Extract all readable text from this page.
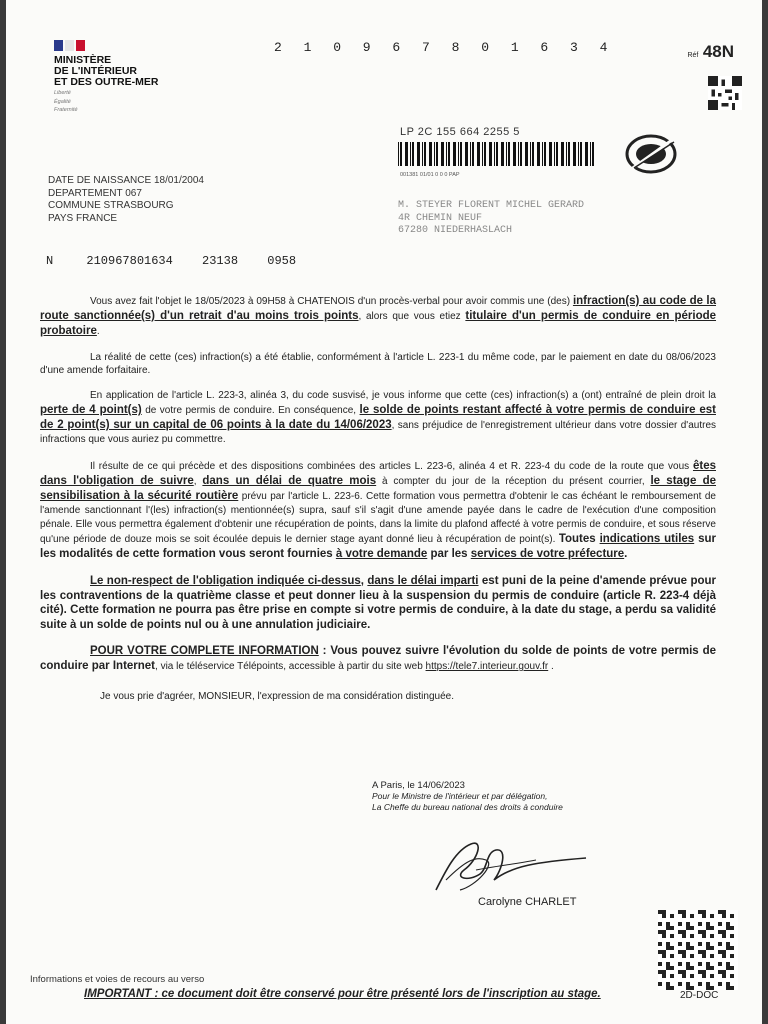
MINISTÈRE
DE L'INTÉRIEUR
ET DES OUTRE-MER
Liberté
Égalité
Fraternité
2 1 0 9 6 7 8 0 1 6 3 4
Réf 48N
LP 2C 155 664 2255 5
001381 01/01 0 0 0 PAP
DATE DE NAISSANCE 18/01/2004
DEPARTEMENT 067
COMMUNE STRASBOURG
PAYS FRANCE
M. STEYER FLORENT MICHEL GERARD
4R CHEMIN NEUF
67280 NIEDERHASLACH
N	210967801634 23138 0958

Vous avez fait l'objet le 18/05/2023 à 09H58 à CHATENOIS d'un procès-verbal pour avoir commis une (des) infraction(s) au code de la route sanctionnée(s) d'un retrait d'au moins trois points, alors que vous etiez titulaire d'un permis de conduire en période probatoire.

La réalité de cette (ces) infraction(s) a été établie, conformément à l'article L. 223-1 du même code, par le paiement en date du 08/06/2023 d'une amende forfaitaire.

En application de l'article L. 223-3, alinéa 3, du code susvisé, je vous informe que cette (ces) infraction(s) a (ont) entraîné de plein droit la perte de 4 point(s) de votre permis de conduire. En conséquence, le solde de points restant affecté à votre permis de conduire est de 2 point(s) sur un capital de 06 points à la date du 14/06/2023, sans préjudice de l'enregistrement ultérieur dans votre dossier d'autres infractions que vous auriez pu commettre.

Il résulte de ce qui précède et des dispositions combinées des articles L. 223-6, alinéa 4 et R. 223-4 du code de la route que vous êtes dans l'obligation de suivre, dans un délai de quatre mois à compter du jour de la réception du présent courrier, le stage de sensibilisation à la sécurité routière prévu par l'article L. 223-6. Cette formation vous permettra d'obtenir le cas échéant le remboursement de l'amende sanctionnant l'(les) infraction(s) mentionnée(s) supra, sauf s'il s'agit d'une amende payée dans le cadre de l'exécution d'une composition pénale. Elle vous permettra également d'obtenir une récupération de points, dans la limite du plafond affecté à votre permis de conduire, et sous réserve qu'une période de douze mois se soit écoulée depuis le dernier stage ayant donné lieu à récupération de point(s). Toutes indications utiles sur les modalités de cette formation vous seront fournies à votre demande par les services de votre préfecture.

Le non-respect de l'obligation indiquée ci-dessus, dans le délai imparti est puni de la peine d'amende prévue pour les contraventions de la quatrième classe et peut donner lieu à la suspension du permis de conduire (article R. 223-4 déjà cité). Cette formation ne pourra pas être prise en compte si votre permis de conduire, à la date du stage, a perdu sa validité suite à un solde de points nul ou à une annulation judiciaire.

POUR VOTRE COMPLETE INFORMATION : Vous pouvez suivre l'évolution du solde de points de votre permis de conduire par Internet, via le téléservice Télépoints, accessible à partir du site web https://tele7.interieur.gouv.fr .

Je vous prie d'agréer, MONSIEUR, l'expression de ma considération distinguée.

A Paris, le 14/06/2023
Pour le Ministre de l'intérieur et par délégation,
La Cheffe du bureau national des droits à conduire
Carolyne CHARLET
2D-DOC
Informations et voies de recours au verso
IMPORTANT : ce document doit être conservé pour être présenté lors de l'inscription au stage.
